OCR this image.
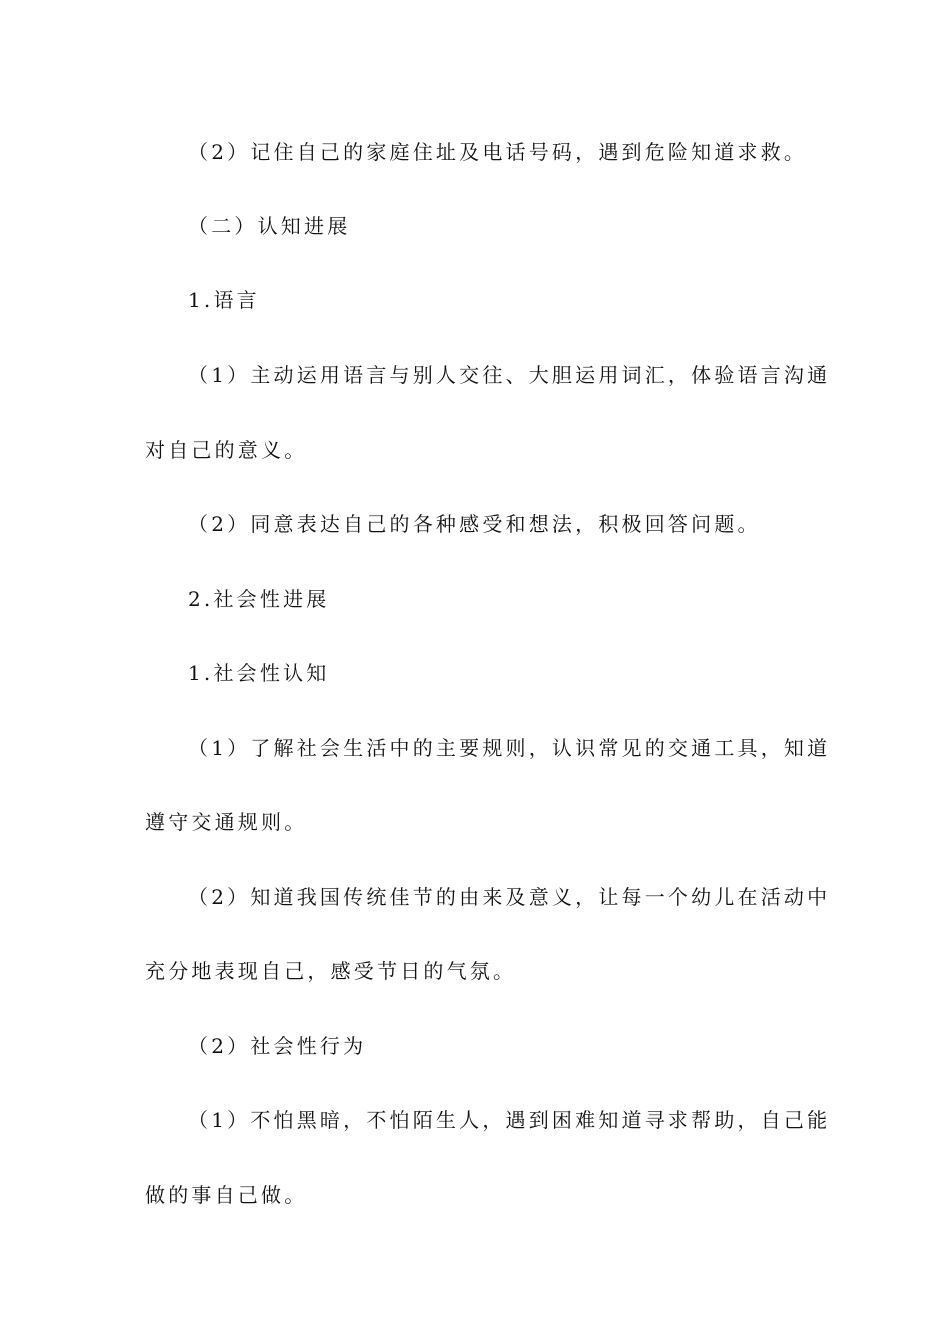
（2）记住自己的家庭住址及电话号码，遇到危险知道求救。
（二）认知进展
1.语言
（1）主动运用语言与别人交往、大胆运用词汇，体验语言沟通
对自己的意义。
（2）同意表达自己的各种感受和想法，积极回答问题。
2.社会性进展
1.社会性认知
（1）了解社会生活中的主要规则，认识常见的交通工具，知道
遵守交通规则。
（2）知道我国传统佳节的由来及意义，让每一个幼儿在活动中
充分地表现自己，感受节日的气氛。
（2）社会性行为
（1）不怕黑暗，不怕陌生人，遇到困难知道寻求帮助，自己能
做的事自己做。
